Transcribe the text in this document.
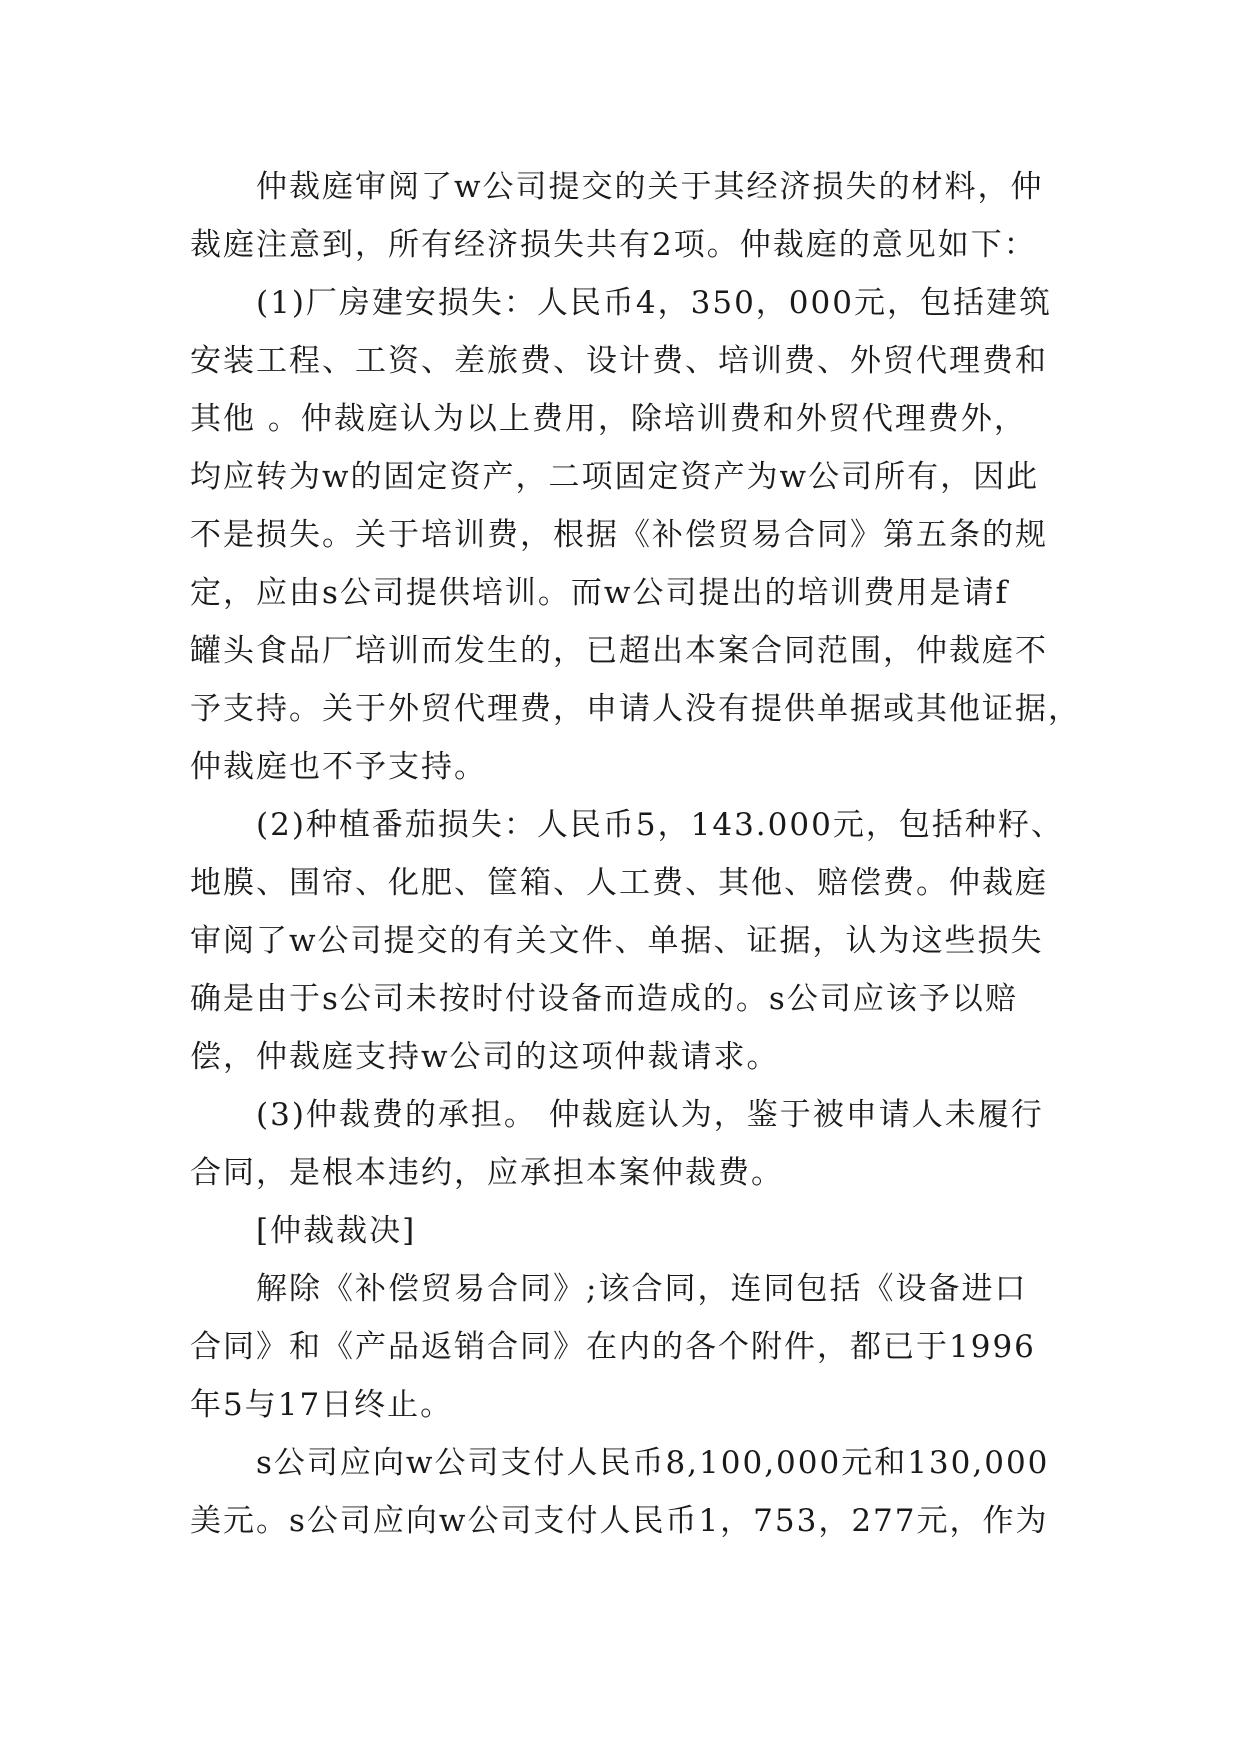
仲裁庭审阅了w公司提交的关于其经济损失的材料，仲
裁庭注意到，所有经济损失共有2项。仲裁庭的意见如下：
(1)厂房建安损失：人民币4，350，000元，包括建筑
安装工程、工资、差旅费、设计费、培训费、外贸代理费和
其他 。仲裁庭认为以上费用，除培训费和外贸代理费外，
均应转为w的固定资产，二项固定资产为w公司所有，因此
不是损失。关于培训费，根据《补偿贸易合同》第五条的规
定，应由s公司提供培训。而w公司提出的培训费用是请f
罐头食品厂培训而发生的，已超出本案合同范围，仲裁庭不
予支持。关于外贸代理费，申请人没有提供单据或其他证据，
仲裁庭也不予支持。
(2)种植番茄损失：人民币5，143.000元，包括种籽、
地膜、围帘、化肥、筐箱、人工费、其他、赔偿费。仲裁庭
审阅了w公司提交的有关文件、单据、证据，认为这些损失
确是由于s公司未按时付设备而造成的。s公司应该予以赔
偿，仲裁庭支持w公司的这项仲裁请求。
(3)仲裁费的承担。 仲裁庭认为，鉴于被申请人未履行
合同，是根本违约，应承担本案仲裁费。
[仲裁裁决]
解除《补偿贸易合同》;该合同，连同包括《设备进口
合同》和《产品返销合同》在内的各个附件，都已于1996
年5与17日终止。
s公司应向w公司支付人民币8,100,000元和130,000
美元。s公司应向w公司支付人民币1，753，277元，作为
